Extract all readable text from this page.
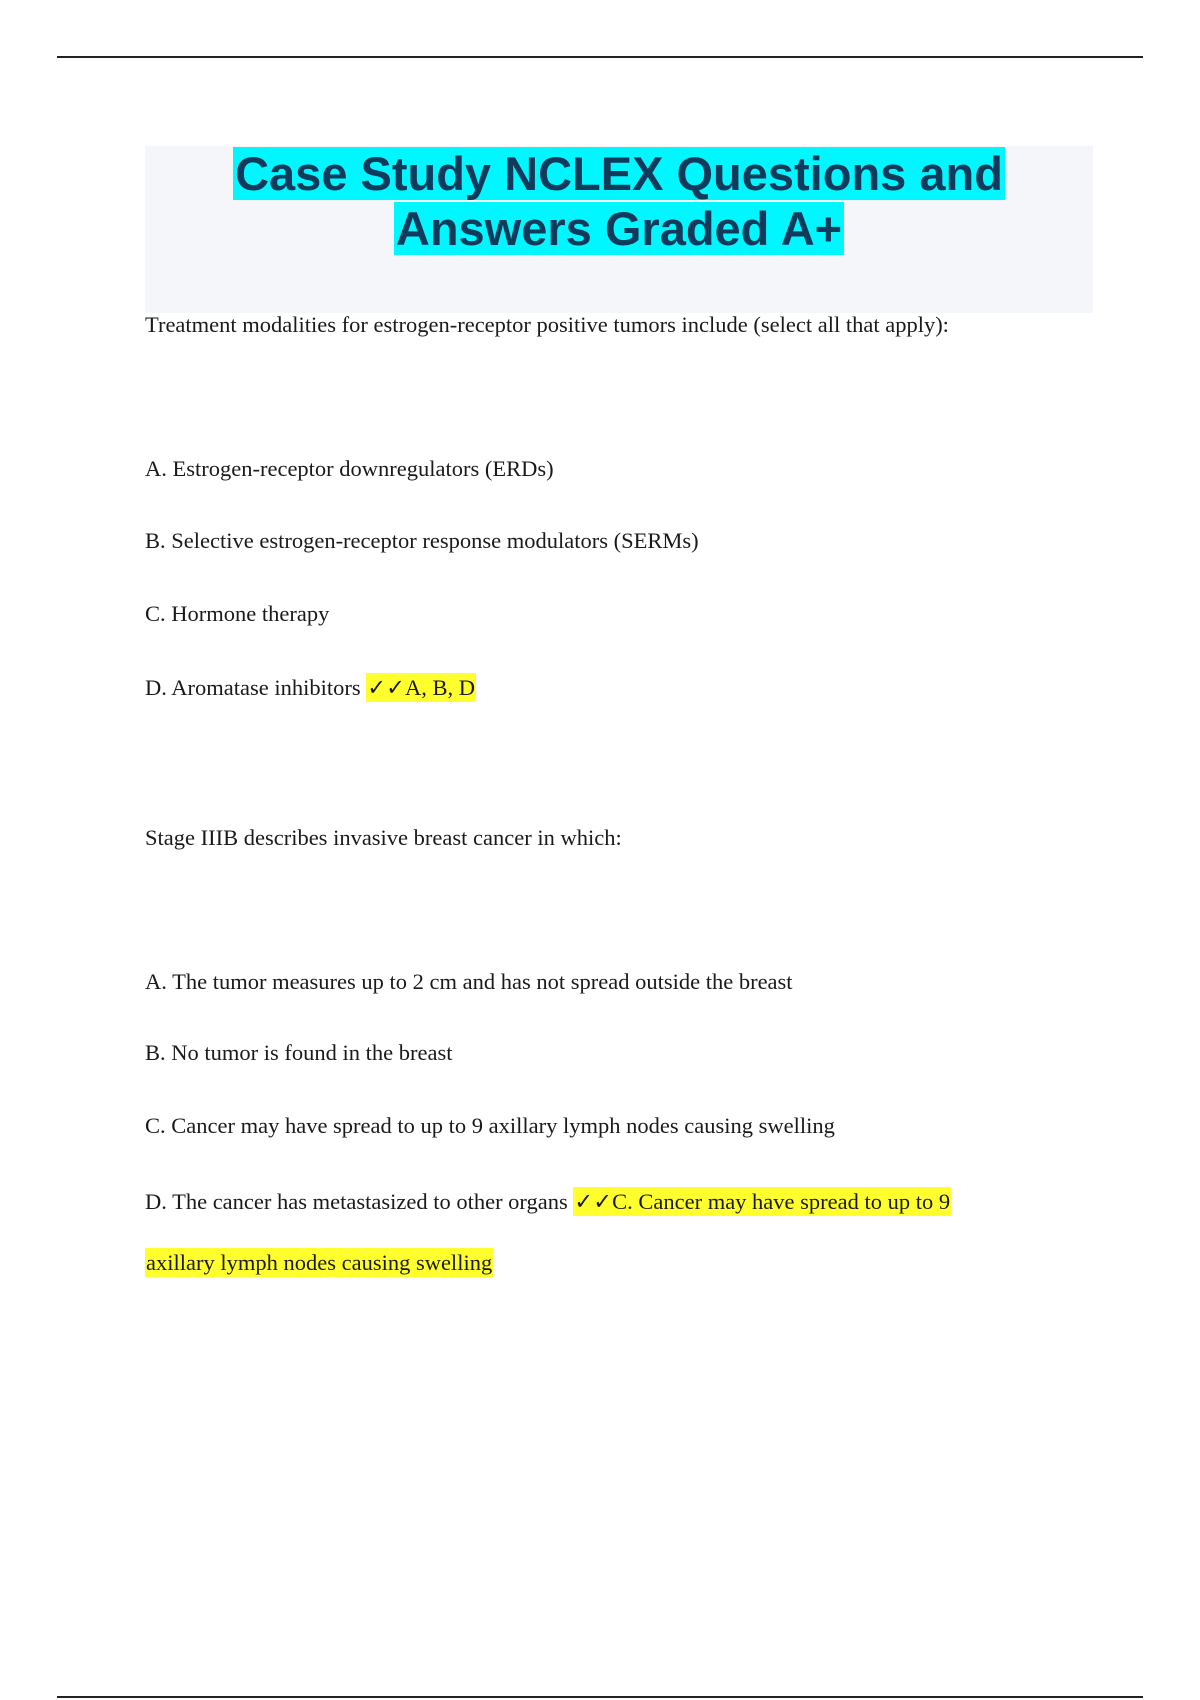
Case Study NCLEX Questions and
Answers Graded A+
Treatment modalities for estrogen-receptor positive tumors include (select all that apply):
A. Estrogen-receptor downregulators (ERDs)
B. Selective estrogen-receptor response modulators (SERMs)
C. Hormone therapy
D. Aromatase inhibitors ✓✓A, B, D
Stage IIIB describes invasive breast cancer in which:
A. The tumor measures up to 2 cm and has not spread outside the breast
B. No tumor is found in the breast
C. Cancer may have spread to up to 9 axillary lymph nodes causing swelling
D. The cancer has metastasized to other organs ✓✓C. Cancer may have spread to up to 9
axillary lymph nodes causing swelling
